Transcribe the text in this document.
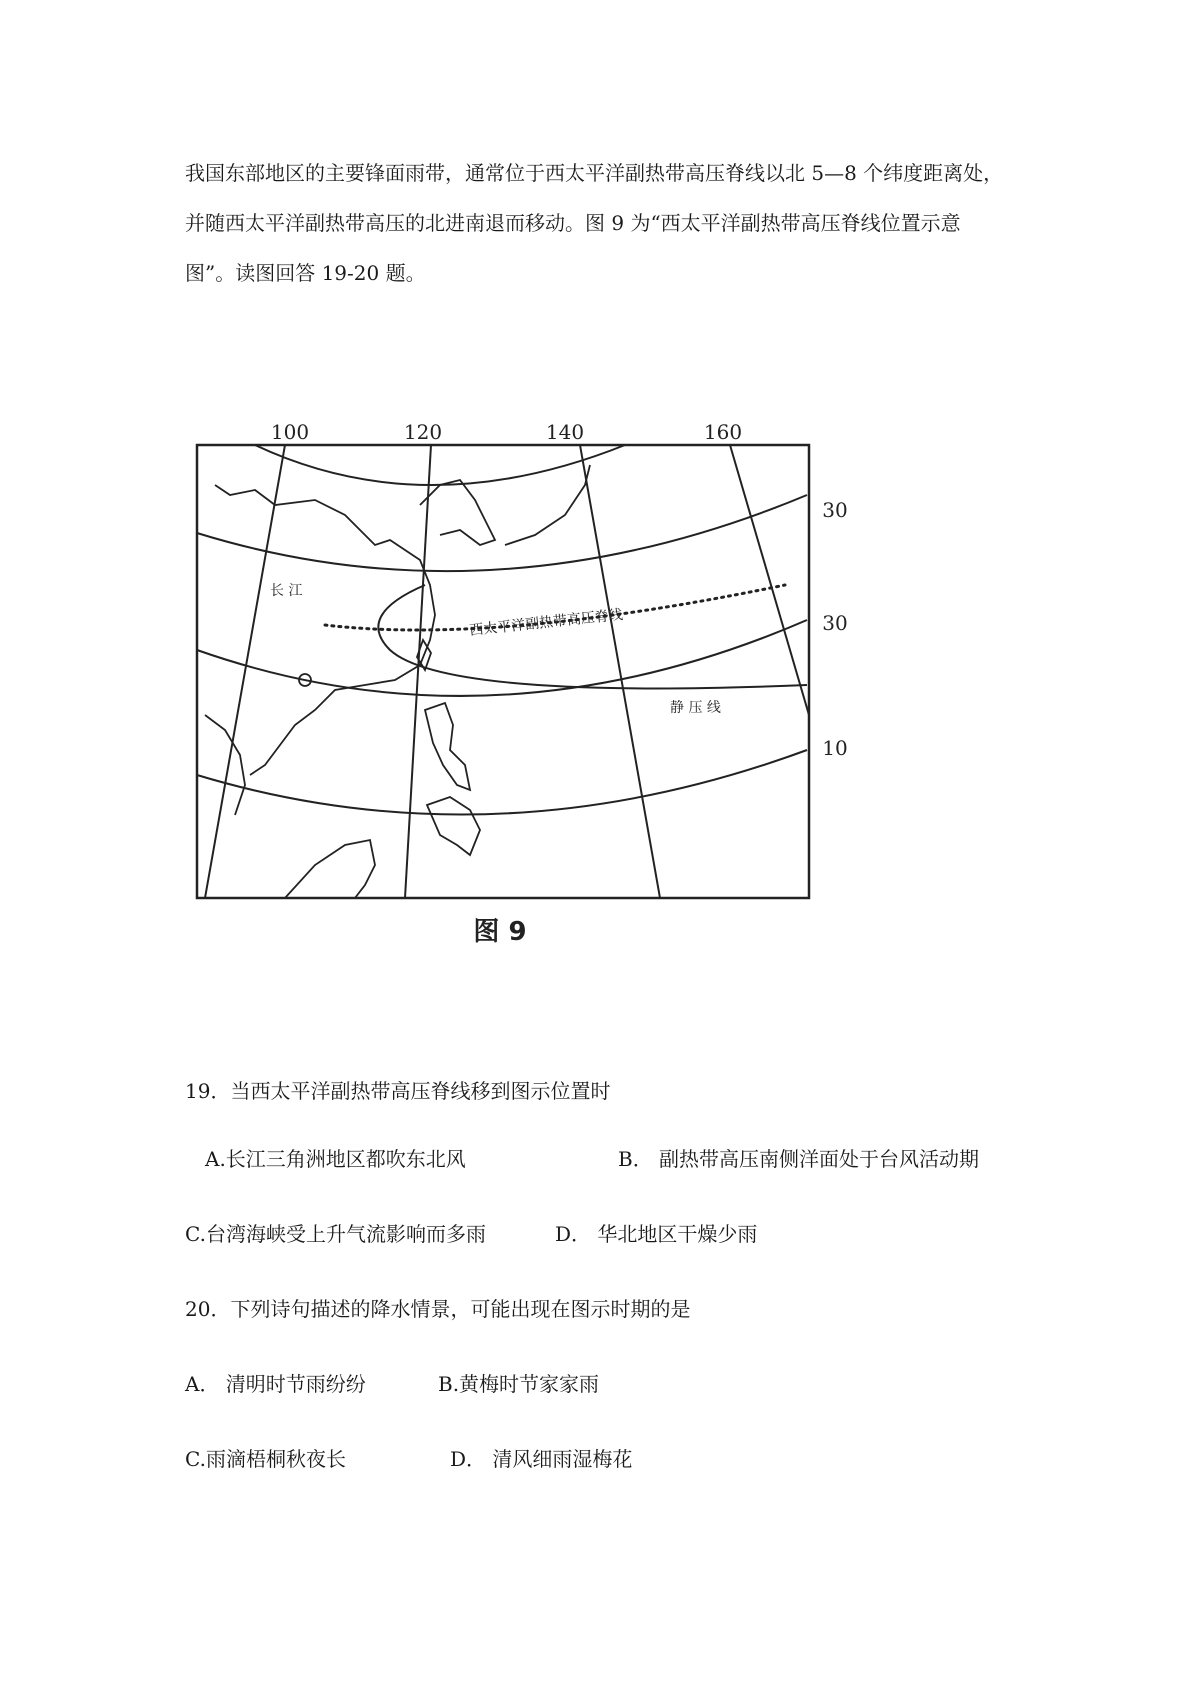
我国东部地区的主要锋面雨带，通常位于西太平洋副热带高压脊线以北 5—8 个纬度距离处，
并随西太平洋副热带高压的北进南退而移动。图 9 为“西太平洋副热带高压脊线位置示意
图”。读图回答 19-20 题。
100	120	140	160
30
30
10
长 江
西太平洋副热带高压脊线
静 压 线
图 9
19．当西太平洋副热带高压脊线移到图示位置时
A.长江三角洲地区都吹东北风	B． 副热带高压南侧洋面处于台风活动期
C.台湾海峡受上升气流影响而多雨	D． 华北地区干燥少雨
20．下列诗句描述的降水情景，可能出现在图示时期的是
A． 清明时节雨纷纷	B.黄梅时节家家雨
C.雨滴梧桐秋夜长	D． 清风细雨湿梅花
